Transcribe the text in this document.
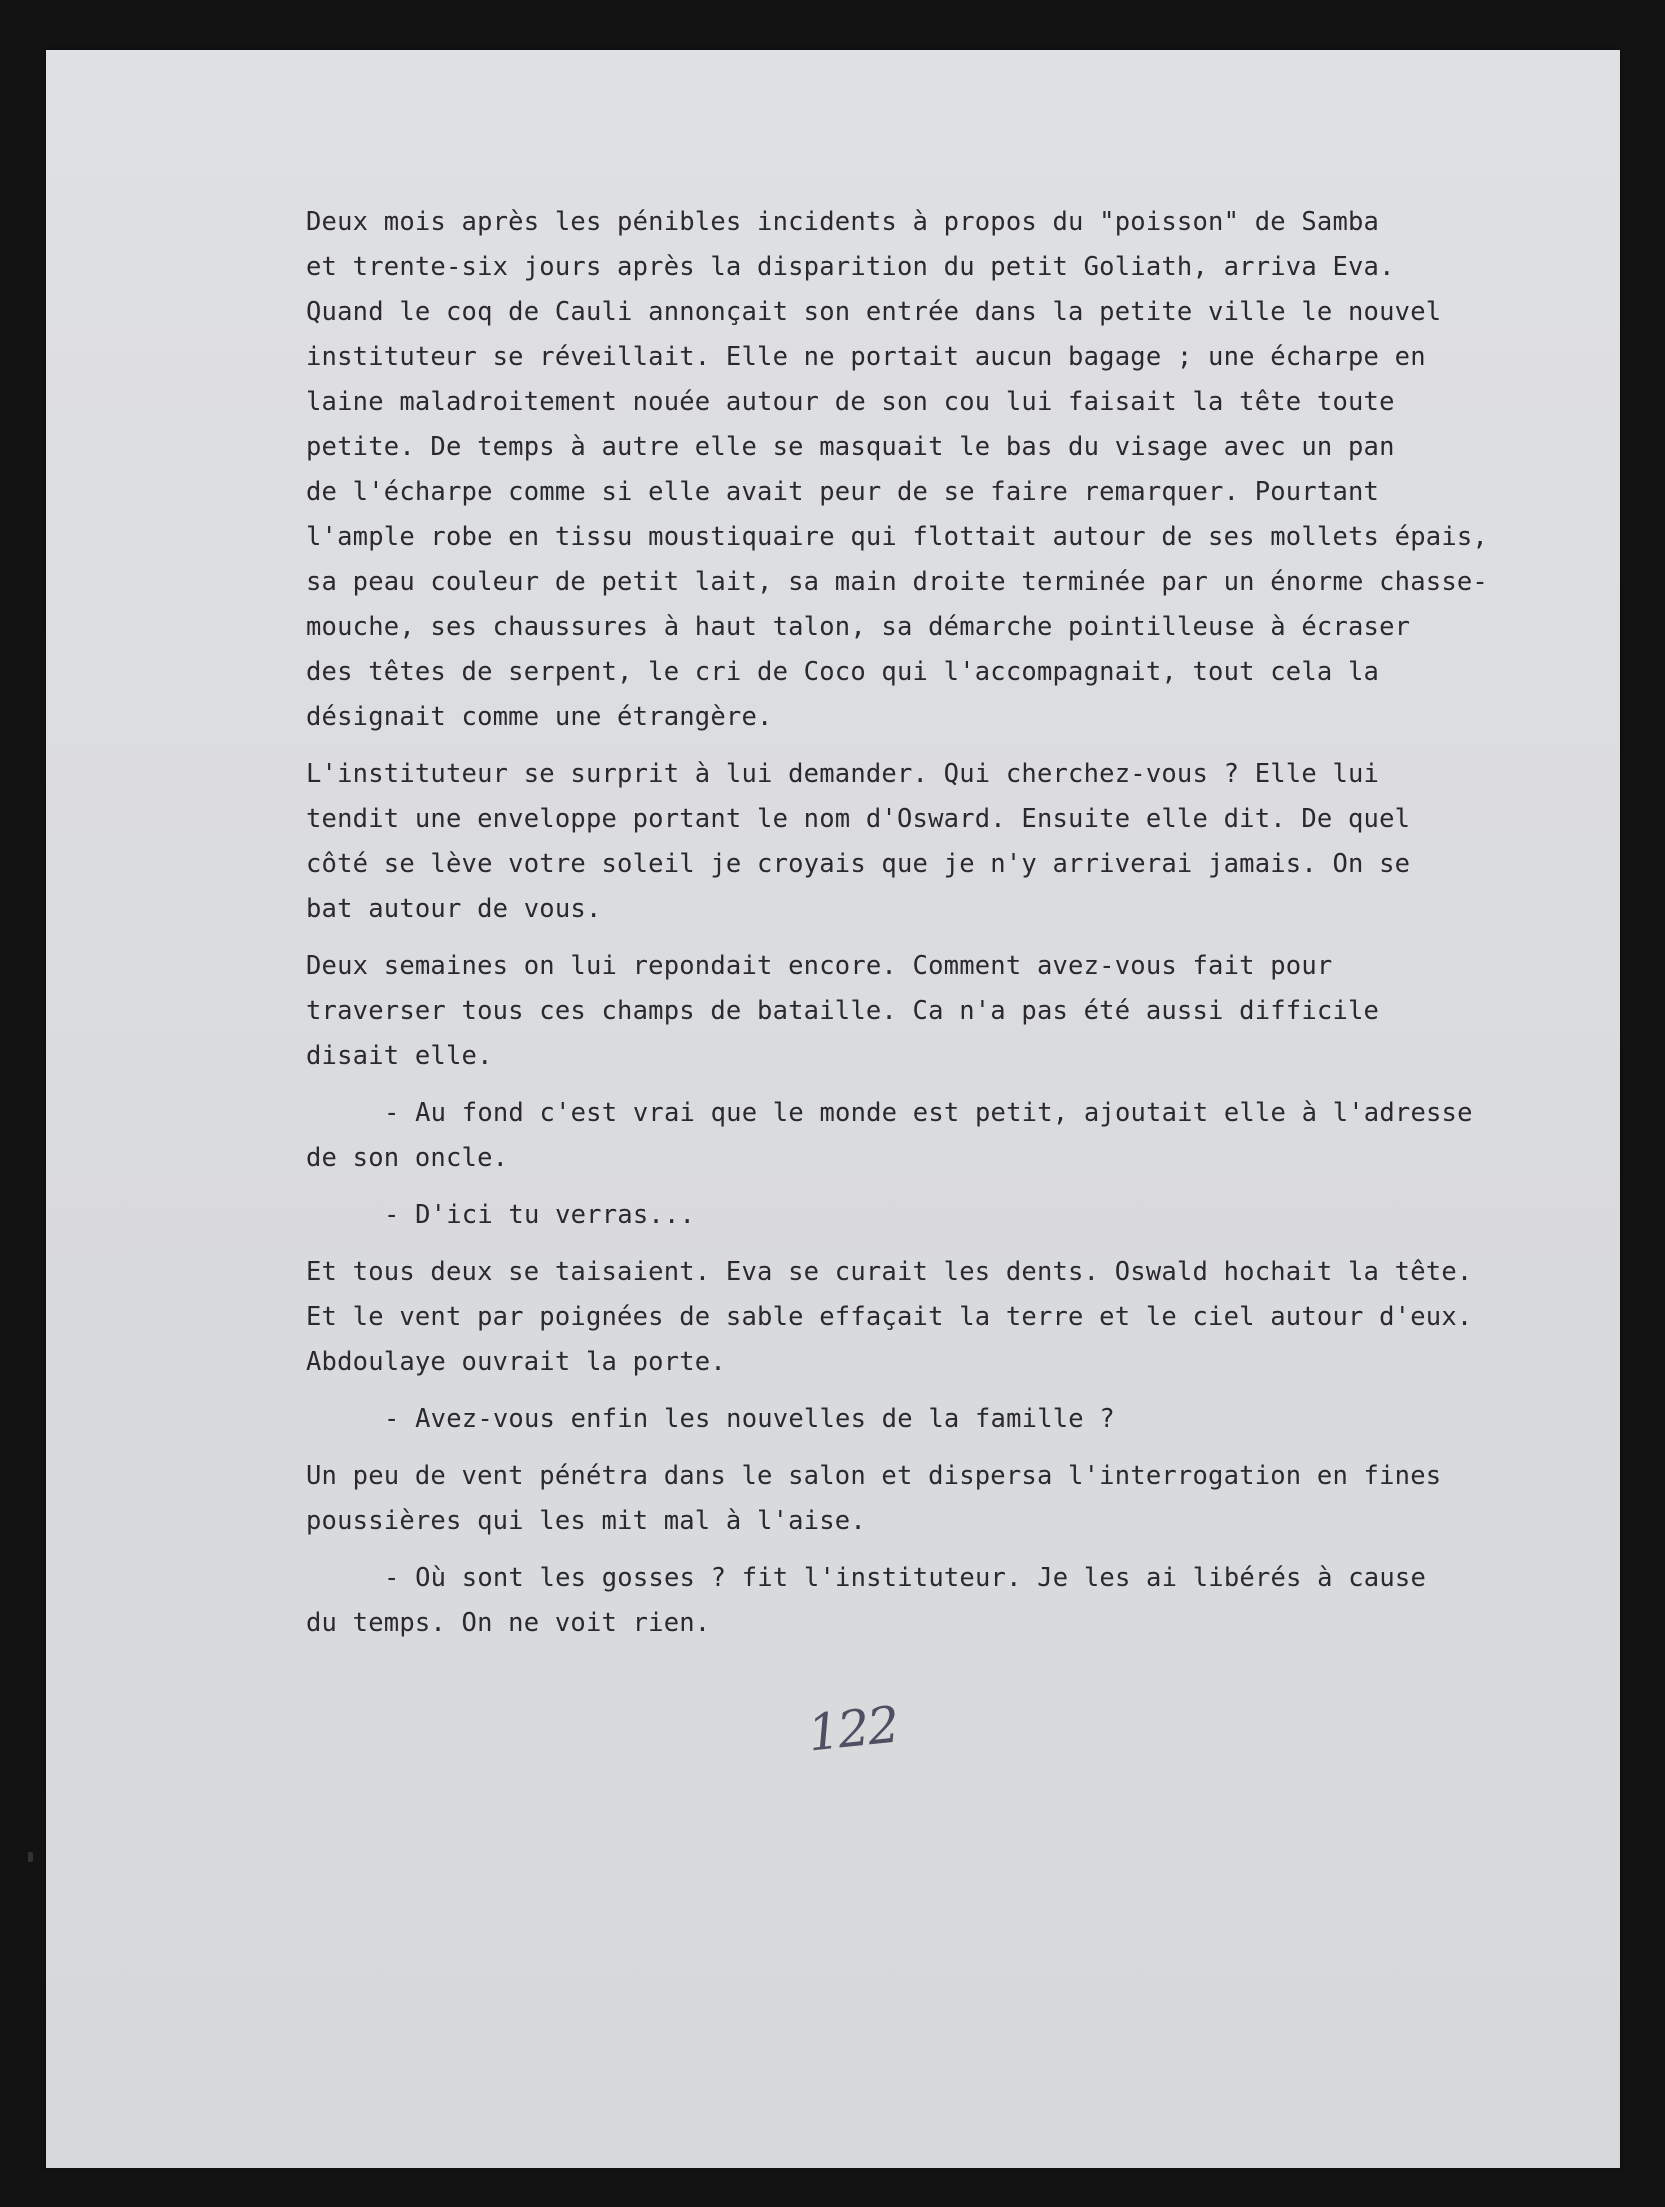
Deux mois après les pénibles incidents à propos du "poisson" de Samba
et trente-six jours après la disparition du petit Goliath, arriva Eva.
Quand le coq de Cauli annonçait son entrée dans la petite ville le nouvel
instituteur se réveillait. Elle ne portait aucun bagage ; une écharpe en
laine maladroitement nouée autour de son cou lui faisait la tête toute
petite. De temps à autre elle se masquait le bas du visage avec un pan
de l'écharpe comme si elle avait peur de se faire remarquer. Pourtant
l'ample robe en tissu moustiquaire qui flottait autour de ses mollets épais,
sa peau couleur de petit lait, sa main droite terminée par un énorme chasse-
mouche, ses chaussures à haut talon, sa démarche pointilleuse à écraser
des têtes de serpent, le cri de Coco qui l'accompagnait, tout cela la
désignait comme une étrangère.
L'instituteur se surprit à lui demander. Qui cherchez-vous ? Elle lui
tendit une enveloppe portant le nom d'Osward. Ensuite elle dit. De quel
côté se lève votre soleil je croyais que je n'y arriverai jamais. On se
bat autour de vous.
Deux semaines on lui repondait encore. Comment avez-vous fait pour
traverser tous ces champs de bataille. Ca n'a pas été aussi difficile
disait elle.
- Au fond c'est vrai que le monde est petit, ajoutait elle à l'adresse
de son oncle.
- D'ici tu verras...
Et tous deux se taisaient. Eva se curait les dents. Oswald hochait la tête.
Et le vent par poignées de sable effaçait la terre et le ciel autour d'eux.
Abdoulaye ouvrait la porte.
- Avez-vous enfin les nouvelles de la famille ?
Un peu de vent pénétra dans le salon et dispersa l'interrogation en fines
poussières qui les mit mal à l'aise.
- Où sont les gosses ? fit l'instituteur. Je les ai libérés à cause
du temps. On ne voit rien.
122
